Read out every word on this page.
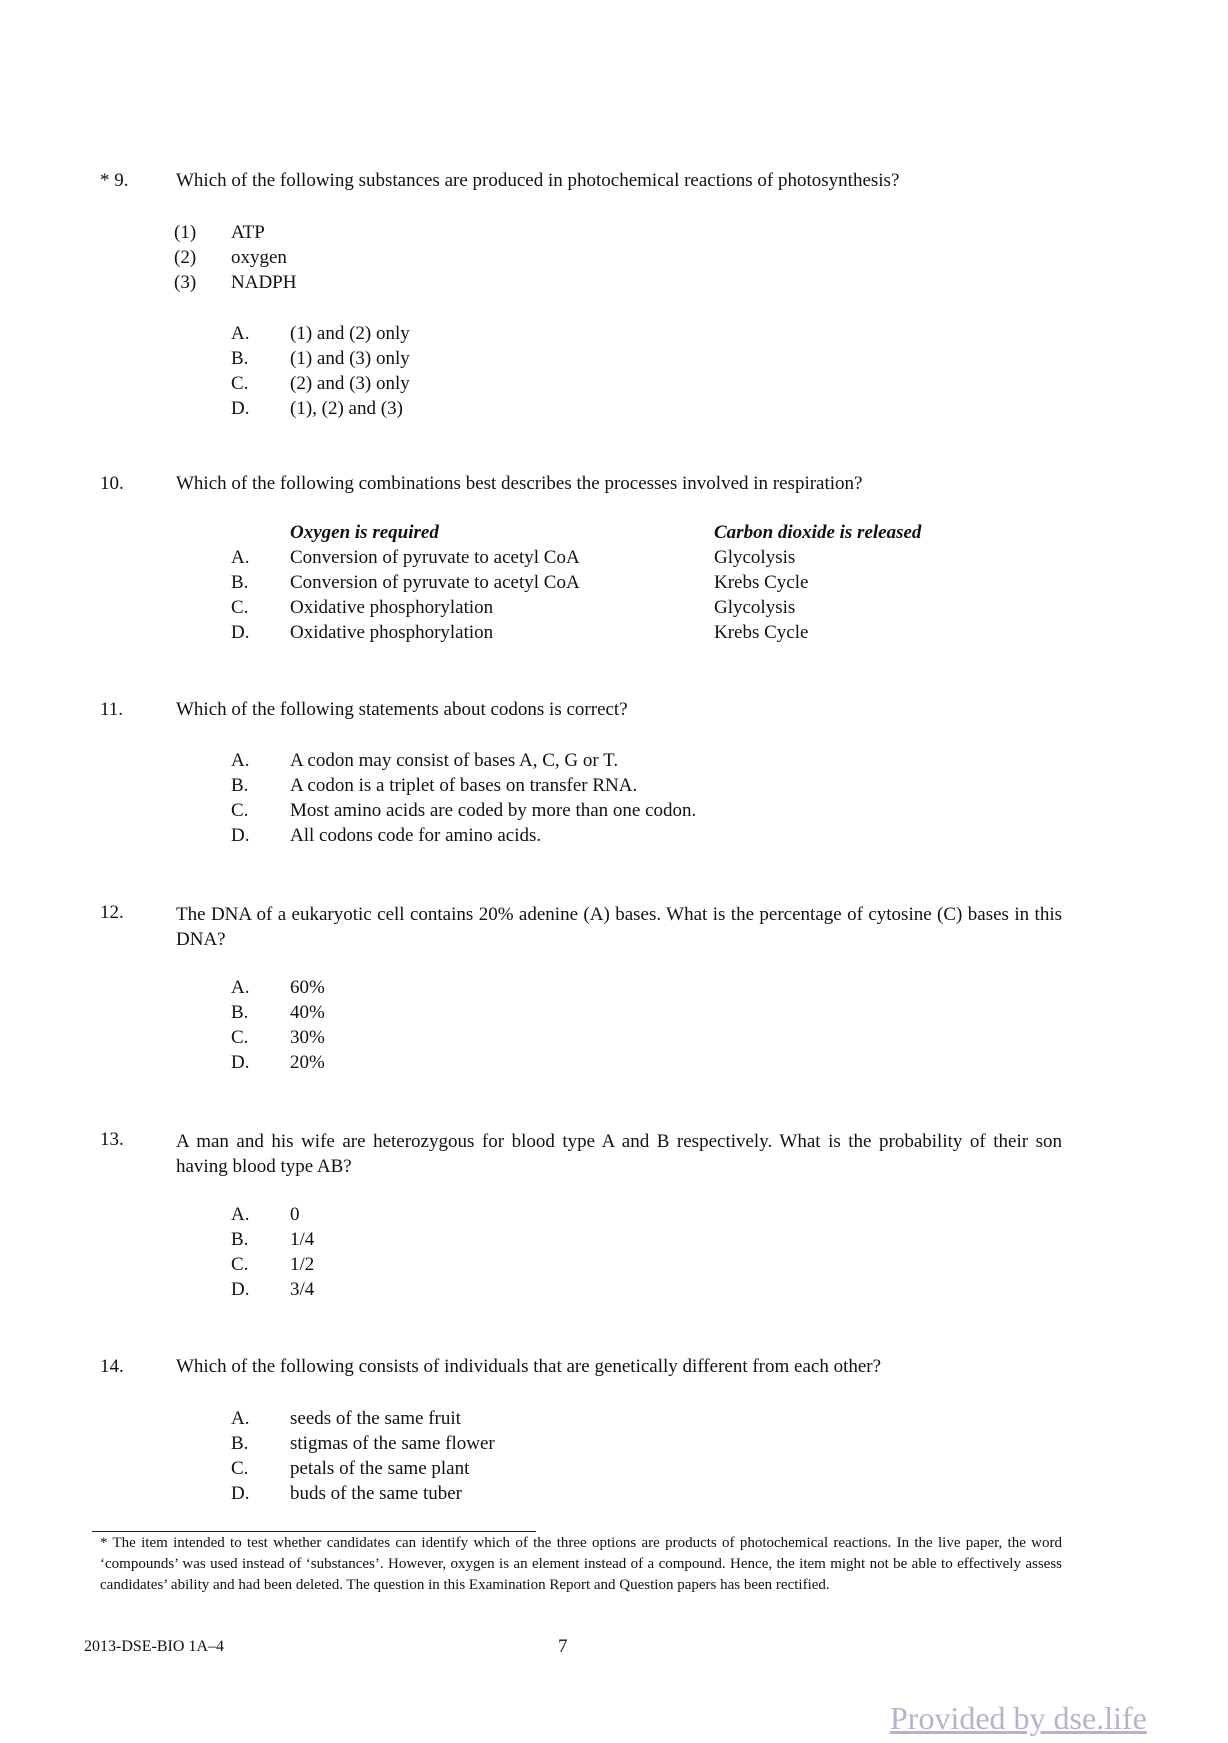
* 9.	Which of the following substances are produced in photochemical reactions of photosynthesis?
(1) ATP
(2) oxygen
(3) NADPH
A. (1) and (2) only
B. (1) and (3) only
C. (2) and (3) only
D. (1), (2) and (3)
10.	Which of the following combinations best describes the processes involved in respiration?
Oxygen is required	Carbon dioxide is released
A. Conversion of pyruvate to acetyl CoA	Glycolysis
B. Conversion of pyruvate to acetyl CoA	Krebs Cycle
C. Oxidative phosphorylation	Glycolysis
D. Oxidative phosphorylation	Krebs Cycle
11.	Which of the following statements about codons is correct?
A. A codon may consist of bases A, C, G or T.
B. A codon is a triplet of bases on transfer RNA.
C. Most amino acids are coded by more than one codon.
D. All codons code for amino acids.
12.	The DNA of a eukaryotic cell contains 20% adenine (A) bases. What is the percentage of cytosine (C) bases in this DNA?
A. 60%
B. 40%
C. 30%
D. 20%
13.	A man and his wife are heterozygous for blood type A and B respectively. What is the probability of their son having blood type AB?
A. 0
B. 1/4
C. 1/2
D. 3/4
14.	Which of the following consists of individuals that are genetically different from each other?
A. seeds of the same fruit
B. stigmas of the same flower
C. petals of the same plant
D. buds of the same tuber
* The item intended to test whether candidates can identify which of the three options are products of photochemical reactions. In the live paper, the word ‘compounds’ was used instead of ‘substances’. However, oxygen is an element instead of a compound. Hence, the item might not be able to effectively assess candidates’ ability and had been deleted. The question in this Examination Report and Question papers has been rectified.
2013-DSE-BIO 1A–4	7
Provided by dse.life
